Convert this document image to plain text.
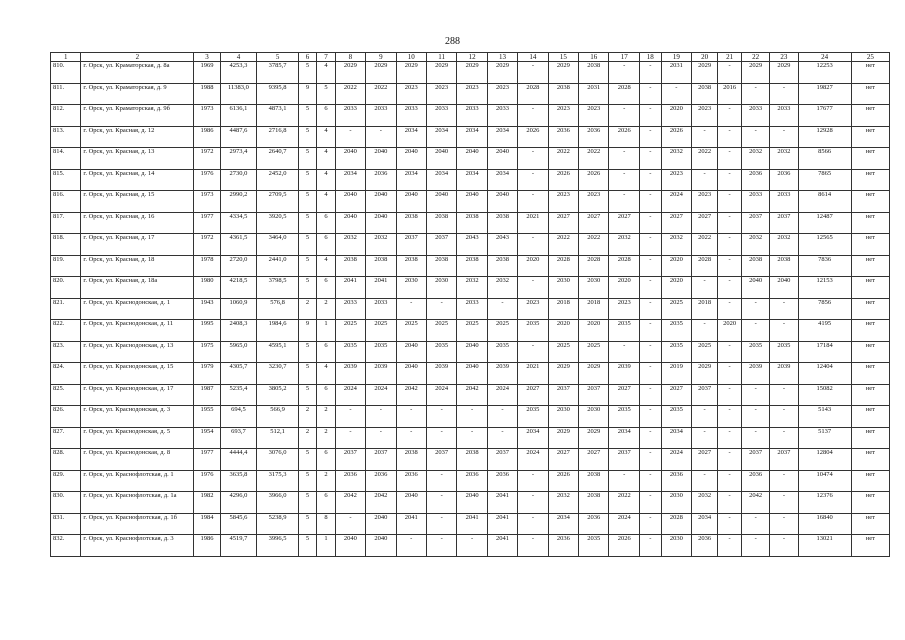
288
1	2	3	4	5	6	7	8	9	10	11	12	13	14	15	16	17	18	19	20	21	22	23	24	25
810.	г. Орск, ул. Краматорская, д. 8а	1969	4253,3	3785,7	5	4	2029	2029	2029	2029	2029	2029	-	2029	2038	-	-	2031	2029	-	2029	2029	12253	нет
811.	г. Орск, ул. Краматорская, д. 9	1988	11383,0	9395,8	9	5	2022	2022	2023	2023	2023	2023	2028	2038	2031	2028	-	-	2038	2016	-	-	19827	нет
812.	г. Орск, ул. Краматорская, д. 9б	1973	6136,1	4873,1	5	6	2033	2033	2033	2033	2033	2033	-	2023	2023	-	-	2020	2023	-	2033	2033	17677	нет
813.	г. Орск, ул. Красная, д. 12	1986	4487,6	2716,8	5	4	-	-	2034	2034	2034	2034	2026	2036	2036	2026	-	2026	-	-	-	-	12928	нет
814.	г. Орск, ул. Красная, д. 13	1972	2973,4	2640,7	5	4	2040	2040	2040	2040	2040	2040	-	2022	2022	-	-	2032	2022	-	2032	2032	8566	нет
815.	г. Орск, ул. Красная, д. 14	1976	2730,0	2452,0	5	4	2034	2036	2034	2034	2034	2034	-	2026	2026	-	-	2023	-	-	2036	2036	7865	нет
816.	г. Орск, ул. Красная, д. 15	1973	2990,2	2709,5	5	4	2040	2040	2040	2040	2040	2040	-	2023	2023	-	-	2024	2023	-	2033	2033	8614	нет
817.	г. Орск, ул. Красная, д. 16	1977	4334,5	3920,5	5	6	2040	2040	2038	2038	2038	2038	2021	2027	2027	2027	-	2027	2027	-	2037	2037	12487	нет
818.	г. Орск, ул. Красная, д. 17	1972	4361,5	3464,0	5	6	2032	2032	2037	2037	2043	2043	-	2022	2022	2032	-	2032	2022	-	2032	2032	12565	нет
819.	г. Орск, ул. Красная, д. 18	1978	2720,0	2441,0	5	4	2038	2038	2038	2038	2038	2038	2020	2028	2028	2028	-	2020	2028	-	2038	2038	7836	нет
820.	г. Орск, ул. Красная, д. 18а	1980	4218,5	3798,5	5	6	2041	2041	2030	2030	2032	2032	-	2030	2030	2020	-	2020	-	-	2040	2040	12153	нет
821.	г. Орск, ул. Краснодонская, д. 1	1943	1060,9	576,8	2	2	2033	2033	-	-	2033	-	2023	2018	2018	2023	-	2025	2018	-	-	-	7856	нет
822.	г. Орск, ул. Краснодонская, д. 11	1995	2408,3	1984,6	9	1	2025	2025	2025	2025	2025	2025	2035	2020	2020	2035	-	2035	-	2020	-	-	4195	нет
823.	г. Орск, ул. Краснодонская, д. 13	1975	5965,0	4595,1	5	6	2035	2035	2040	2035	2040	2035	-	2025	2025	-	-	2035	2025	-	2035	2035	17184	нет
824.	г. Орск, ул. Краснодонская, д. 15	1979	4305,7	3230,7	5	4	2039	2039	2040	2039	2040	2039	2021	2029	2029	2039	-	2019	2029	-	2039	2039	12404	нет
825.	г. Орск, ул. Краснодонская, д. 17	1987	5235,4	3805,2	5	6	2024	2024	2042	2024	2042	2024	2027	2037	2037	2027	-	2027	2037	-	-	-	15082	нет
826.	г. Орск, ул. Краснодонская, д. 3	1955	694,5	566,9	2	2	-	-	-	-	-	-	2035	2030	2030	2035	-	2035	-	-	-	-	5143	нет
827.	г. Орск, ул. Краснодонская, д. 5	1954	693,7	512,1	2	2	-	-	-	-	-	-	2034	2029	2029	2034	-	2034	-	-	-	-	5137	нет
828.	г. Орск, ул. Краснодонская, д. 8	1977	4444,4	3076,0	5	6	2037	2037	2038	2037	2038	2037	2024	2027	2027	2037	-	2024	2027	-	2037	2037	12804	нет
829.	г. Орск, ул. Краснофлотская, д. 1	1976	3635,8	3175,3	5	2	2036	2036	2036	-	2036	2036	-	2026	2038	-	-	2036	-	-	2036	-	10474	нет
830.	г. Орск, ул. Краснофлотская, д. 1а	1982	4296,0	3966,0	5	6	2042	2042	2040	-	2040	2041	-	2032	2038	2022	-	2030	2032	-	2042	-	12376	нет
831.	г. Орск, ул. Краснофлотская, д. 1б	1984	5845,6	5238,9	5	8	-	2040	2041	-	2041	2041	-	2034	2036	2024	-	2028	2034	-	-	-	16840	нет
832.	г. Орск, ул. Краснофлотская, д. 3	1986	4519,7	3996,5	5	1	2040	2040	-	-	-	2041	-	2036	2035	2026	-	2030	2036	-	-	-	13021	нет
